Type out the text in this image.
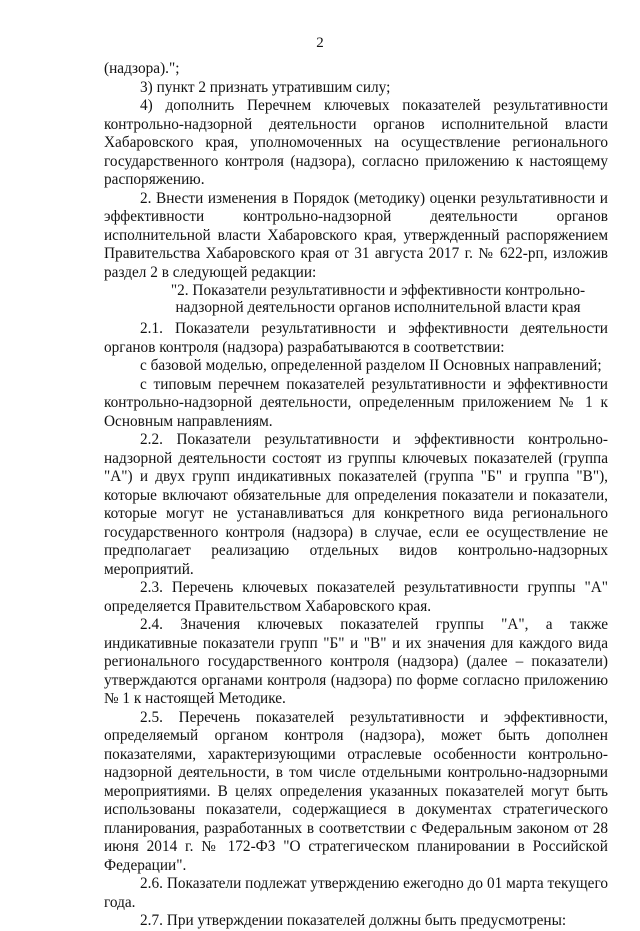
2

(надзора).";

3) пункт 2 признать утратившим силу;

4) дополнить Перечнем ключевых показателей результативности контрольно-надзорной деятельности органов исполнительной власти Хабаровского края, уполномоченных на осуществление регионального государственного контроля (надзора), согласно приложению к настоящему распоряжению.

2. Внести изменения в Порядок (методику) оценки результативности и эффективности контрольно-надзорной деятельности органов исполнительной власти Хабаровского края, утвержденный распоряжением Правительства Хабаровского края от 31 августа 2017 г. № 622-рп, изложив раздел 2 в следующей редакции:

"2. Показатели результативности и эффективности контрольно-надзорной деятельности органов исполнительной власти края

2.1. Показатели результативности и эффективности деятельности органов контроля (надзора) разрабатываются в соответствии:

с базовой моделью, определенной разделом II Основных направлений;

с типовым перечнем показателей результативности и эффективности контрольно-надзорной деятельности, определенным приложением № 1 к Основным направлениям.

2.2. Показатели результативности и эффективности контрольно-надзорной деятельности состоят из группы ключевых показателей (группа "А") и двух групп индикативных показателей (группа "Б" и группа "В"), которые включают обязательные для определения показатели и показатели, которые могут не устанавливаться для конкретного вида регионального государственного контроля (надзора) в случае, если ее осуществление не предполагает реализацию отдельных видов контрольно-надзорных мероприятий.

2.3. Перечень ключевых показателей результативности группы "А" определяется Правительством Хабаровского края.

2.4. Значения ключевых показателей группы "А", а также индикативные показатели групп "Б" и "В" и их значения для каждого вида регионального государственного контроля (надзора) (далее – показатели) утверждаются органами контроля (надзора) по форме согласно приложению № 1 к настоящей Методике.

2.5. Перечень показателей результативности и эффективности, определяемый органом контроля (надзора), может быть дополнен показателями, характеризующими отраслевые особенности контрольно-надзорной деятельности, в том числе отдельными контрольно-надзорными мероприятиями. В целях определения указанных показателей могут быть использованы показатели, содержащиеся в документах стратегического планирования, разработанных в соответствии с Федеральным законом от 28 июня 2014 г. № 172-ФЗ "О стратегическом планировании в Российской Федерации".

2.6. Показатели подлежат утверждению ежегодно до 01 марта текущего года.

2.7. При утверждении показателей должны быть предусмотрены:
